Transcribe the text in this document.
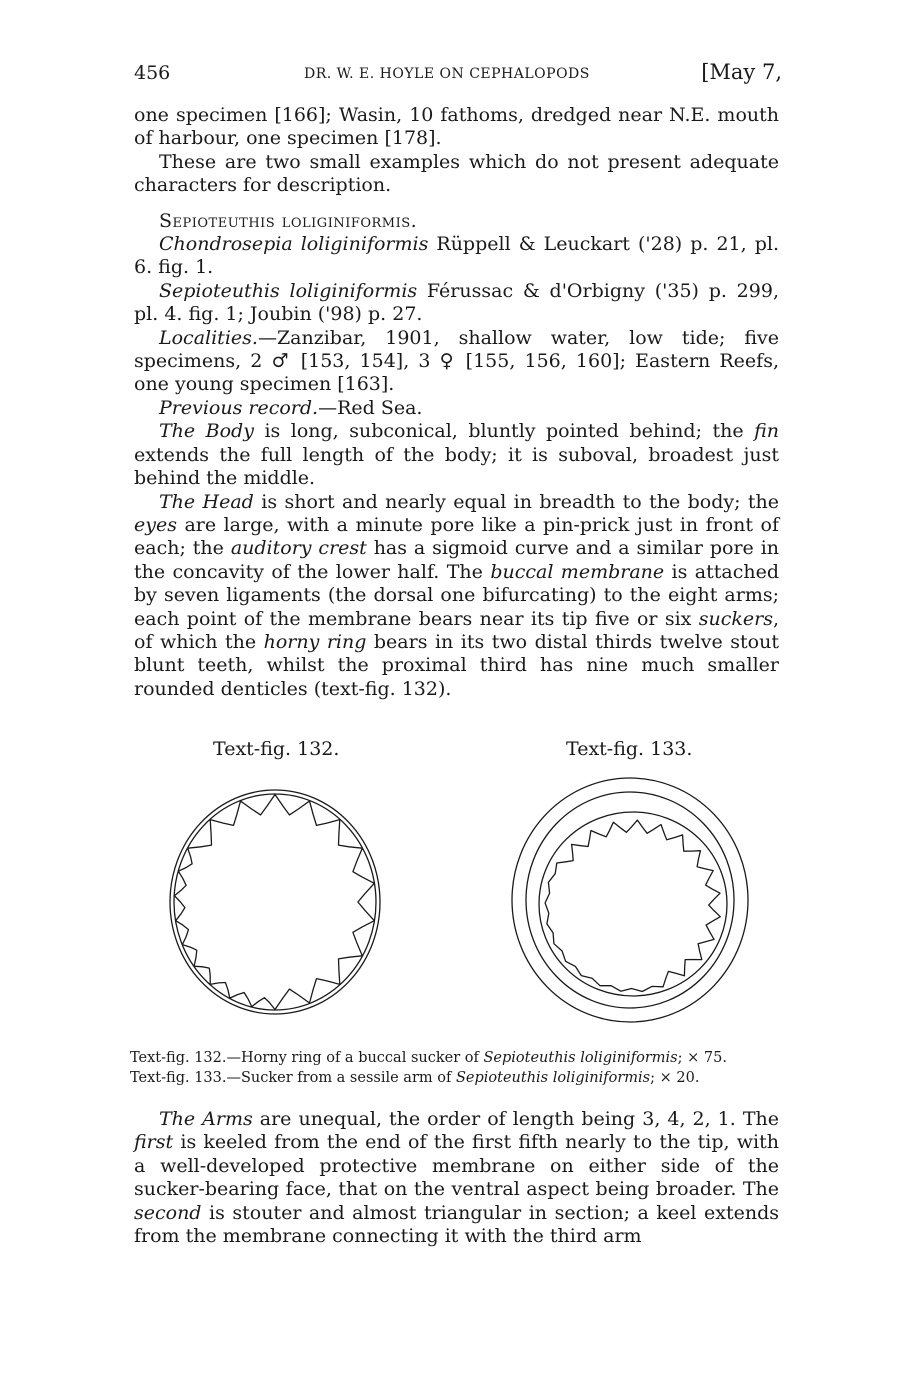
456	DR. W. E. HOYLE ON CEPHALOPODS	[May 7,

one specimen [166]; Wasin, 10 fathoms, dredged near N.E. mouth of harbour, one specimen [178].

These are two small examples which do not present adequate characters for description.

Sepioteuthis loliginiformis.

Chondrosepia loliginiformis Rüppell & Leuckart ('28) p. 21, pl. 6. fig. 1.

Sepioteuthis loliginiformis Férussac & d'Orbigny ('35) p. 299, pl. 4. fig. 1; Joubin ('98) p. 27.

Localities.—Zanzibar, 1901, shallow water, low tide; five specimens, 2 ♂ [153, 154], 3 ♀ [155, 156, 160]; Eastern Reefs, one young specimen [163].

Previous record.—Red Sea.

The Body is long, subconical, bluntly pointed behind; the fin extends the full length of the body; it is suboval, broadest just behind the middle.

The Head is short and nearly equal in breadth to the body; the eyes are large, with a minute pore like a pin-prick just in front of each; the auditory crest has a sigmoid curve and a similar pore in the concavity of the lower half. The buccal membrane is attached by seven ligaments (the dorsal one bifurcating) to the eight arms; each point of the membrane bears near its tip five or six suckers, of which the horny ring bears in its two distal thirds twelve stout blunt teeth, whilst the proximal third has nine much smaller rounded denticles (text-fig. 132).

Text-fig. 132.	Text-fig. 133.
Text-fig. 132.—Horny ring of a buccal sucker of Sepioteuthis loliginiformis; × 75.
Text-fig. 133.—Sucker from a sessile arm of Sepioteuthis loliginiformis; × 20.

The Arms are unequal, the order of length being 3, 4, 2, 1. The first is keeled from the end of the first fifth nearly to the tip, with a well-developed protective membrane on either side of the sucker-bearing face, that on the ventral aspect being broader. The second is stouter and almost triangular in section; a keel extends from the membrane connecting it with the third arm
